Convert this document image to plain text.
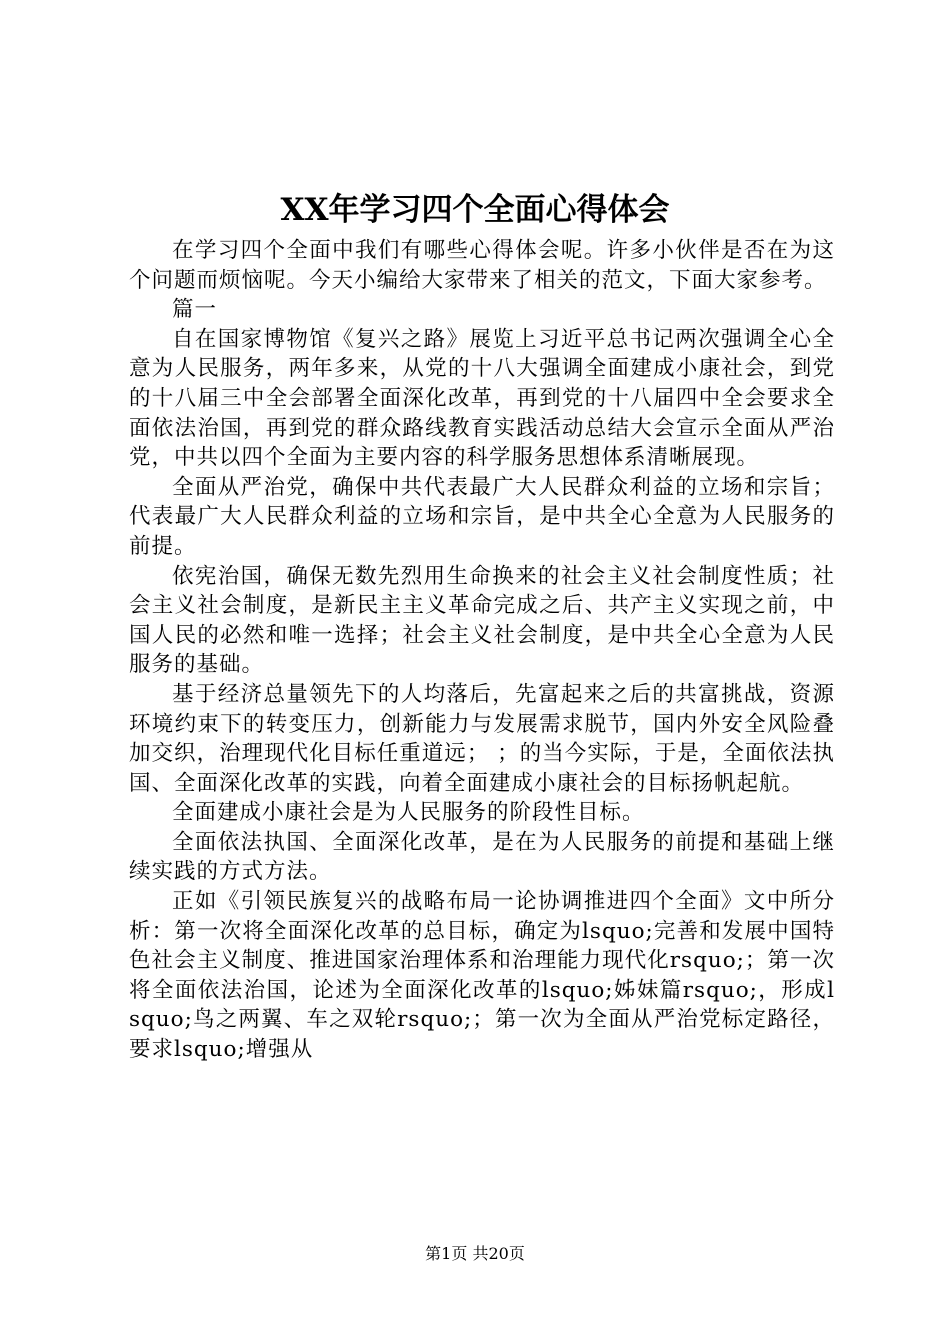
XX年学习四个全面心得体会

在学习四个全面中我们有哪些心得体会呢。许多小伙伴是否在为这个问题而烦恼呢。今天小编给大家带来了相关的范文，下面大家参考。

篇一

自在国家博物馆《复兴之路》展览上习近平总书记两次强调全心全意为人民服务，两年多来，从党的十八大强调全面建成小康社会，到党的十八届三中全会部署全面深化改革，再到党的十八届四中全会要求全面依法治国，再到党的群众路线教育实践活动总结大会宣示全面从严治党，中共以四个全面为主要内容的科学服务思想体系清晰展现。

全面从严治党，确保中共代表最广大人民群众利益的立场和宗旨；代表最广大人民群众利益的立场和宗旨，是中共全心全意为人民服务的前提。

依宪治国，确保无数先烈用生命换来的社会主义社会制度性质；社会主义社会制度，是新民主主义革命完成之后、共产主义实现之前，中国人民的必然和唯一选择；社会主义社会制度，是中共全心全意为人民服务的基础。

基于经济总量领先下的人均落后，先富起来之后的共富挑战，资源环境约束下的转变压力，创新能力与发展需求脱节，国内外安全风险叠加交织，治理现代化目标任重道远； ；的当今实际，于是，全面依法执国、全面深化改革的实践，向着全面建成小康社会的目标扬帆起航。

全面建成小康社会是为人民服务的阶段性目标。

全面依法执国、全面深化改革，是在为人民服务的前提和基础上继续实践的方式方法。

正如《引领民族复兴的战略布局一论协调推进四个全面》文中所分析：第一次将全面深化改革的总目标，确定为lsquo;完善和发展中国特色社会主义制度、推进国家治理体系和治理能力现代化rsquo;；第一次将全面依法治国，论述为全面深化改革的lsquo;姊妹篇rsquo;，形成lsquo;鸟之两翼、车之双轮rsquo;；第一次为全面从严治党标定路径，要求lsquo;增强从

第1页 共20页
